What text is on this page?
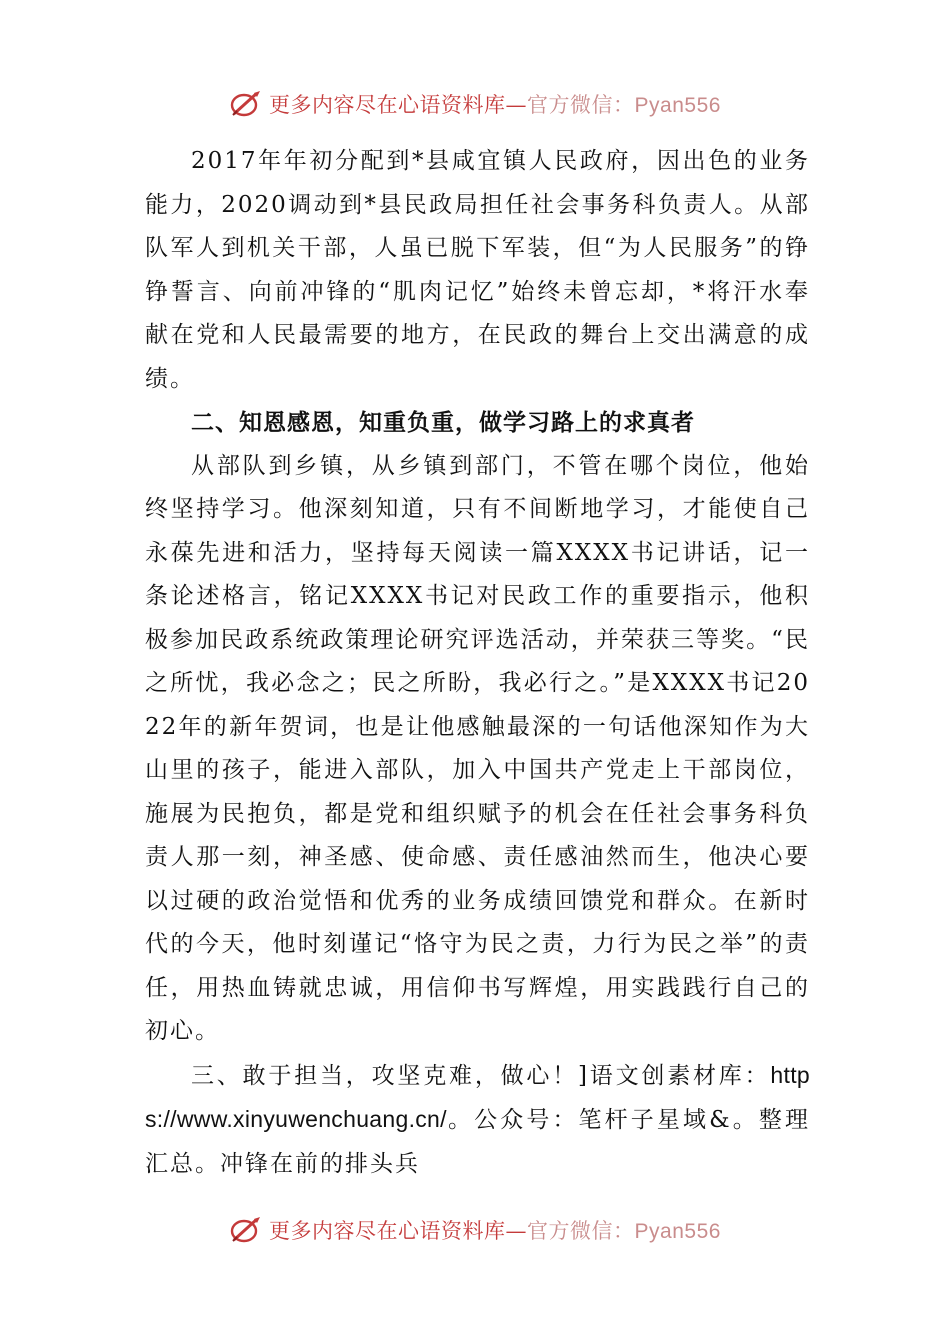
更多内容尽在心语资料库—官方微信：Pyan556

2017年年初分配到*县咸宜镇人民政府，因出色的业务能力，2020调动到*县民政局担任社会事务科负责人。从部队军人到机关干部，人虽已脱下军装，但“为人民服务”的铮铮誓言、向前冲锋的“肌肉记忆”始终未曾忘却，*将汗水奉献在党和人民最需要的地方，在民政的舞台上交出满意的成绩。

二、知恩感恩，知重负重，做学习路上的求真者

从部队到乡镇，从乡镇到部门，不管在哪个岗位，他始终坚持学习。他深刻知道，只有不间断地学习，才能使自己永葆先进和活力，坚持每天阅读一篇XXXX书记讲话，记一条论述格言，铭记XXXX书记对民政工作的重要指示，他积极参加民政系统政策理论研究评选活动，并荣获三等奖。“民之所忧，我必念之；民之所盼，我必行之。”是XXXX书记2022年的新年贺词，也是让他感触最深的一句话他深知作为大山里的孩子，能进入部队，加入中国共产党走上干部岗位，施展为民抱负，都是党和组织赋予的机会在任社会事务科负责人那一刻，神圣感、使命感、责任感油然而生，他决心要以过硬的政治觉悟和优秀的业务成绩回馈党和群众。在新时代的今天，他时刻谨记“恪守为民之责，力行为民之举”的责任，用热血铸就忠诚，用信仰书写辉煌，用实践践行自己的初心。

三、敢于担当，攻坚克难，做心！]语文创素材库：https://www.xinyuwenchuang.cn/。公众号：笔杆子星域&。整理汇总。冲锋在前的排头兵

更多内容尽在心语资料库—官方微信：Pyan556
